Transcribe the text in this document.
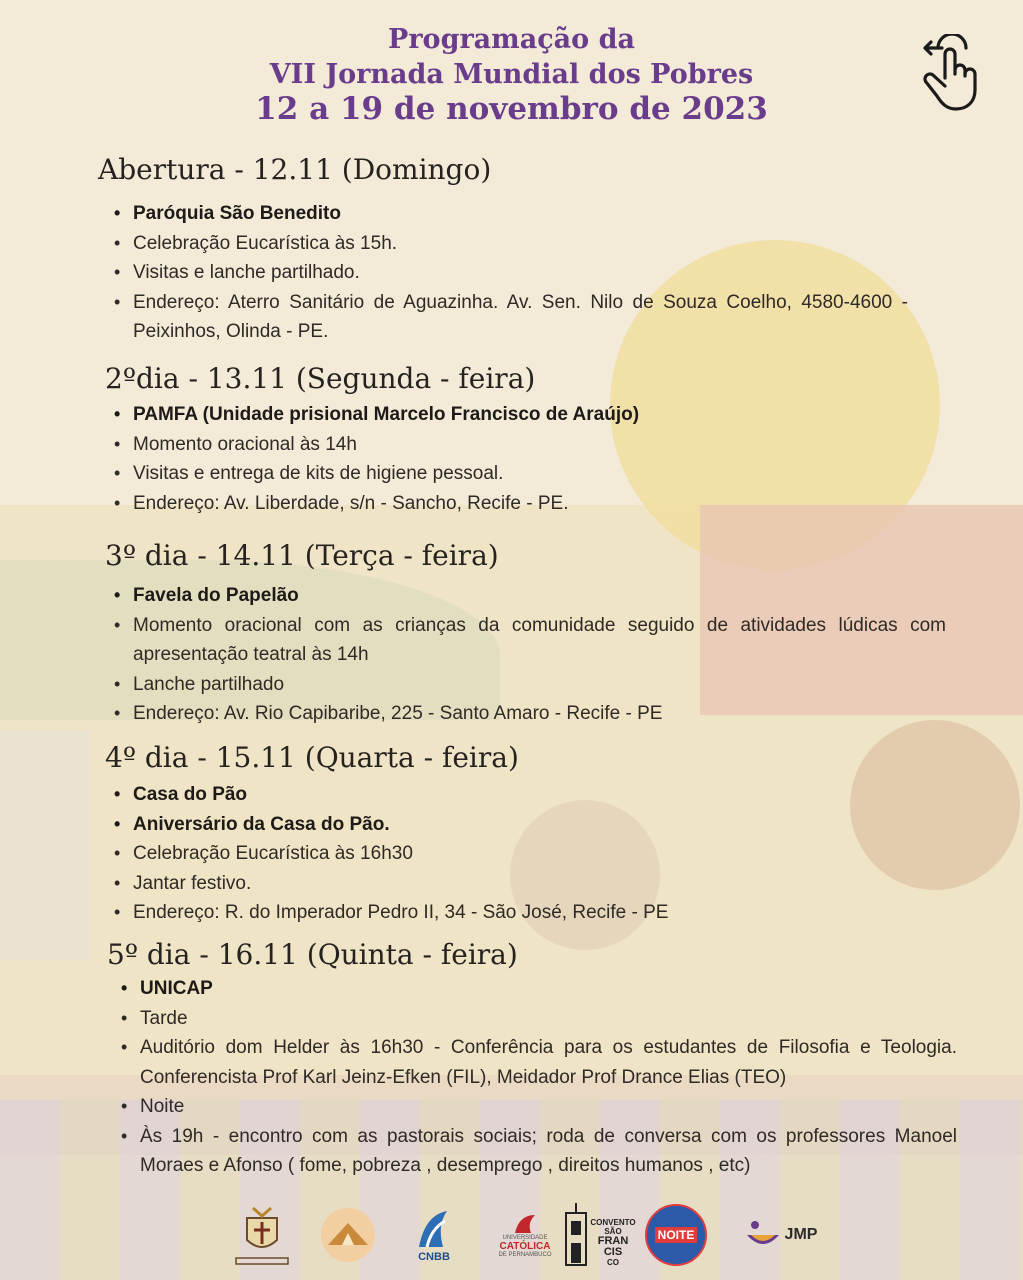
Programação da
VII Jornada Mundial dos Pobres
12 a 19 de novembro de 2023
Abertura - 12.11 (Domingo)
• Paróquia São Benedito
• Celebração Eucarística às 15h.
• Visitas e lanche partilhado.
• Endereço: Aterro Sanitário de Aguazinha. Av. Sen. Nilo de Souza Coelho, 4580-4600 - Peixinhos, Olinda - PE.
2ºdia - 13.11 (Segunda - feira)
• PAMFA (Unidade prisional Marcelo Francisco de Araújo)
• Momento oracional às 14h
• Visitas e entrega de kits de higiene pessoal.
• Endereço: Av. Liberdade, s/n - Sancho, Recife - PE.
3º dia - 14.11 (Terça - feira)
• Favela do Papelão
• Momento oracional com as crianças da comunidade seguido de atividades lúdicas com apresentação teatral às 14h
• Lanche partilhado
• Endereço: Av. Rio Capibaribe, 225 - Santo Amaro - Recife - PE
4º dia - 15.11 (Quarta - feira)
• Casa do Pão
• Aniversário da Casa do Pão.
• Celebração Eucarística às 16h30
• Jantar festivo.
• Endereço: R. do Imperador Pedro II, 34 - São José, Recife - PE
5º dia - 16.11 (Quinta - feira)
• UNICAP
• Tarde
• Auditório dom Helder às 16h30 - Conferência para os estudantes de Filosofia e Teologia. Conferencista Prof Karl Jeinz-Efken (FIL), Meidador Prof Drance Elias (TEO)
• Noite
• Às 19h - encontro com as pastorais sociais; roda de conversa com os professores Manoel Moraes e Afonso ( fome, pobreza , desemprego , direitos humanos , etc)
CNBB
UNIVERSIDADE
CATÓLICA
DE PERNAMBUCO
CONVENTO
SÃO
FRAN
CIS
CO
NOITE	JMP
